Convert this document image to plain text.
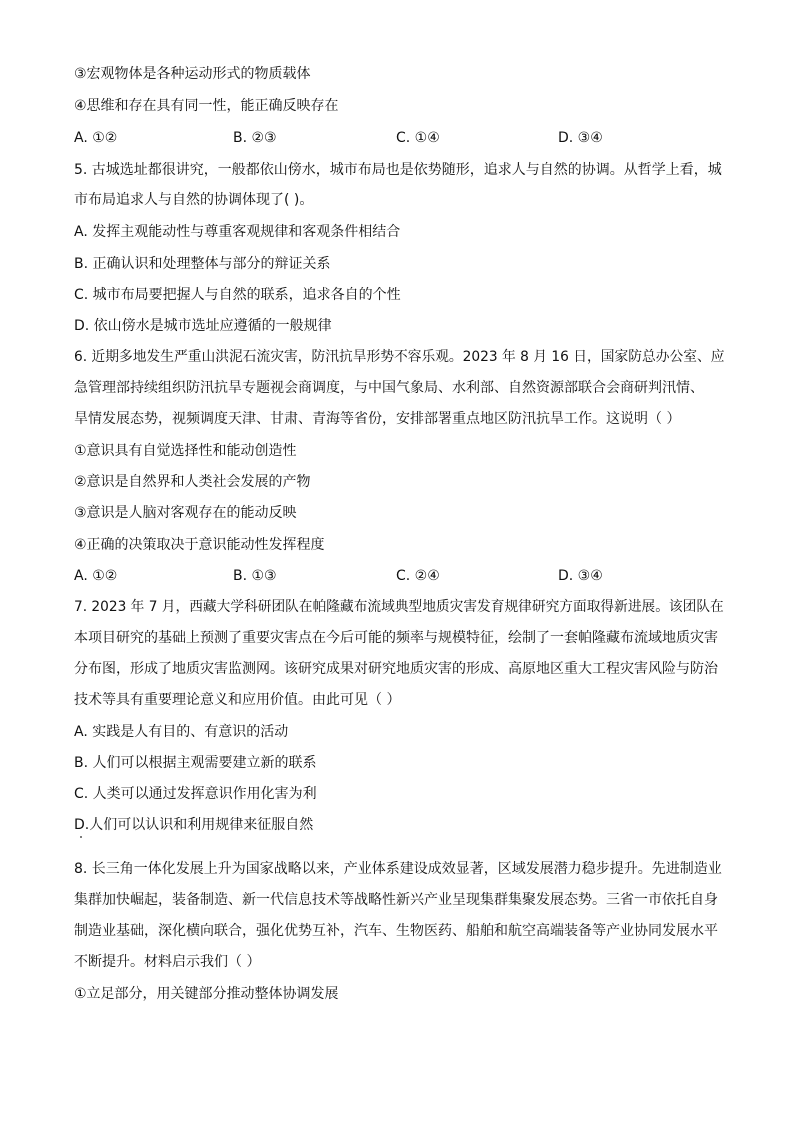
③宏观物体是各种运动形式的物质载体
④思维和存在具有同一性，能正确反映存在
A. ①②	B. ②③	C. ①④	D. ③④
5. 古城选址都很讲究，一般都依山傍水，城市布局也是依势随形，追求人与自然的协调。从哲学上看，城
市布局追求人与自然的协调体现了( )。
A. 发挥主观能动性与尊重客观规律和客观条件相结合
B. 正确认识和处理整体与部分的辩证关系
C. 城市布局要把握人与自然的联系，追求各自的个性
D. 依山傍水是城市选址应遵循的一般规律
6. 近期多地发生严重山洪泥石流灾害，防汛抗旱形势不容乐观。2023 年 8 月 16 日，国家防总办公室、应
急管理部持续组织防汛抗旱专题视会商调度，与中国气象局、水利部、自然资源部联合会商研判汛情、
旱情发展态势，视频调度天津、甘肃、青海等省份，安排部署重点地区防汛抗旱工作。这说明（ ）
①意识具有自觉选择性和能动创造性
②意识是自然界和人类社会发展的产物
③意识是人脑对客观存在的能动反映
④正确的决策取决于意识能动性发挥程度
A. ①②	B. ①③	C. ②④	D. ③④
7. 2023 年 7 月，西藏大学科研团队在帕隆藏布流域典型地质灾害发育规律研究方面取得新进展。该团队在
本项目研究的基础上预测了重要灾害点在今后可能的频率与规模特征，绘制了一套帕隆藏布流域地质灾害
分布图，形成了地质灾害监测网。该研究成果对研究地质灾害的形成、高原地区重大工程灾害风险与防治
技术等具有重要理论意义和应用价值。由此可见（ ）
A. 实践是人有目的、有意识的活动
B. 人们可以根据主观需要建立新的联系
C. 人类可以通过发挥意识作用化害为利
D.人们可以认识和利用规律来征服自然
8. 长三角一体化发展上升为国家战略以来，产业体系建设成效显著，区域发展潜力稳步提升。先进制造业
集群加快崛起，装备制造、新一代信息技术等战略性新兴产业呈现集群集聚发展态势。三省一市依托自身
制造业基础，深化横向联合，强化优势互补，汽车、生物医药、船舶和航空高端装备等产业协同发展水平
不断提升。材料启示我们（ ）
①立足部分，用关键部分推动整体协调发展
